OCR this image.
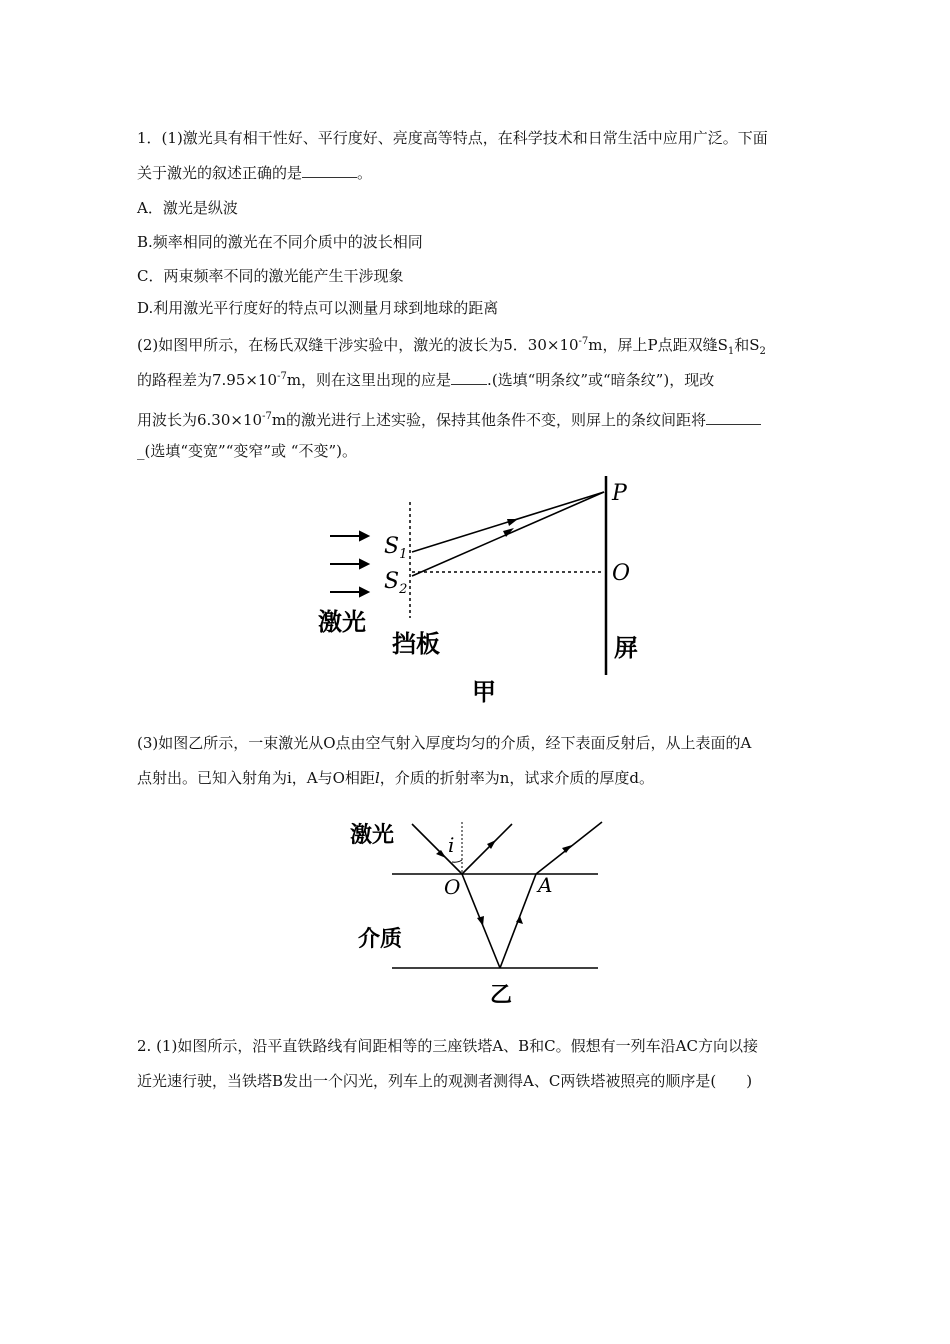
1．(1)激光具有相干性好、平行度好、亮度高等特点，在科学技术和日常生活中应用广泛。下面
关于激光的叙述正确的是	。
A．激光是纵波
B.频率相同的激光在不同介质中的波长相同
C．两束频率不同的激光能产生干涉现象
D.利用激光平行度好的特点可以测量月球到地球的距离
(2)如图甲所示，在杨氏双缝干涉实验中，激光的波长为5．$30\times 10^{-7}m$，屏上P点距双缝$S_1$和$S_2$
的路程差为$7.95\times 10^{-7}m$，则在这里出现的应是 .(选填“明条纹”或“暗条纹”)，现改
用波长为$6.30\times 10^{-7}m$的激光进行上述实验，保持其他条件不变，则屏上的条纹间距将
_(选填“变宽”“变窄”或 “不变”)。
$S_1$
$S_2$
P
O
激光
挡板	屏
甲
(3)如图乙所示，一束激光从O点由空气射入厚度均匀的介质，经下表面反射后，从上表面的A
点射出。已知入射角为i，A与O相距l，介质的折射率为n，试求介质的厚度d。
i
O	A
激光
介质
乙
2. (1)如图所示，沿平直铁路线有间距相等的三座铁塔A、B和C。假想有一列车沿AC方向以接
近光速行驶，当铁塔B发出一个闪光，列车上的观测者测得A、C两铁塔被照亮的顺序是(　　)
